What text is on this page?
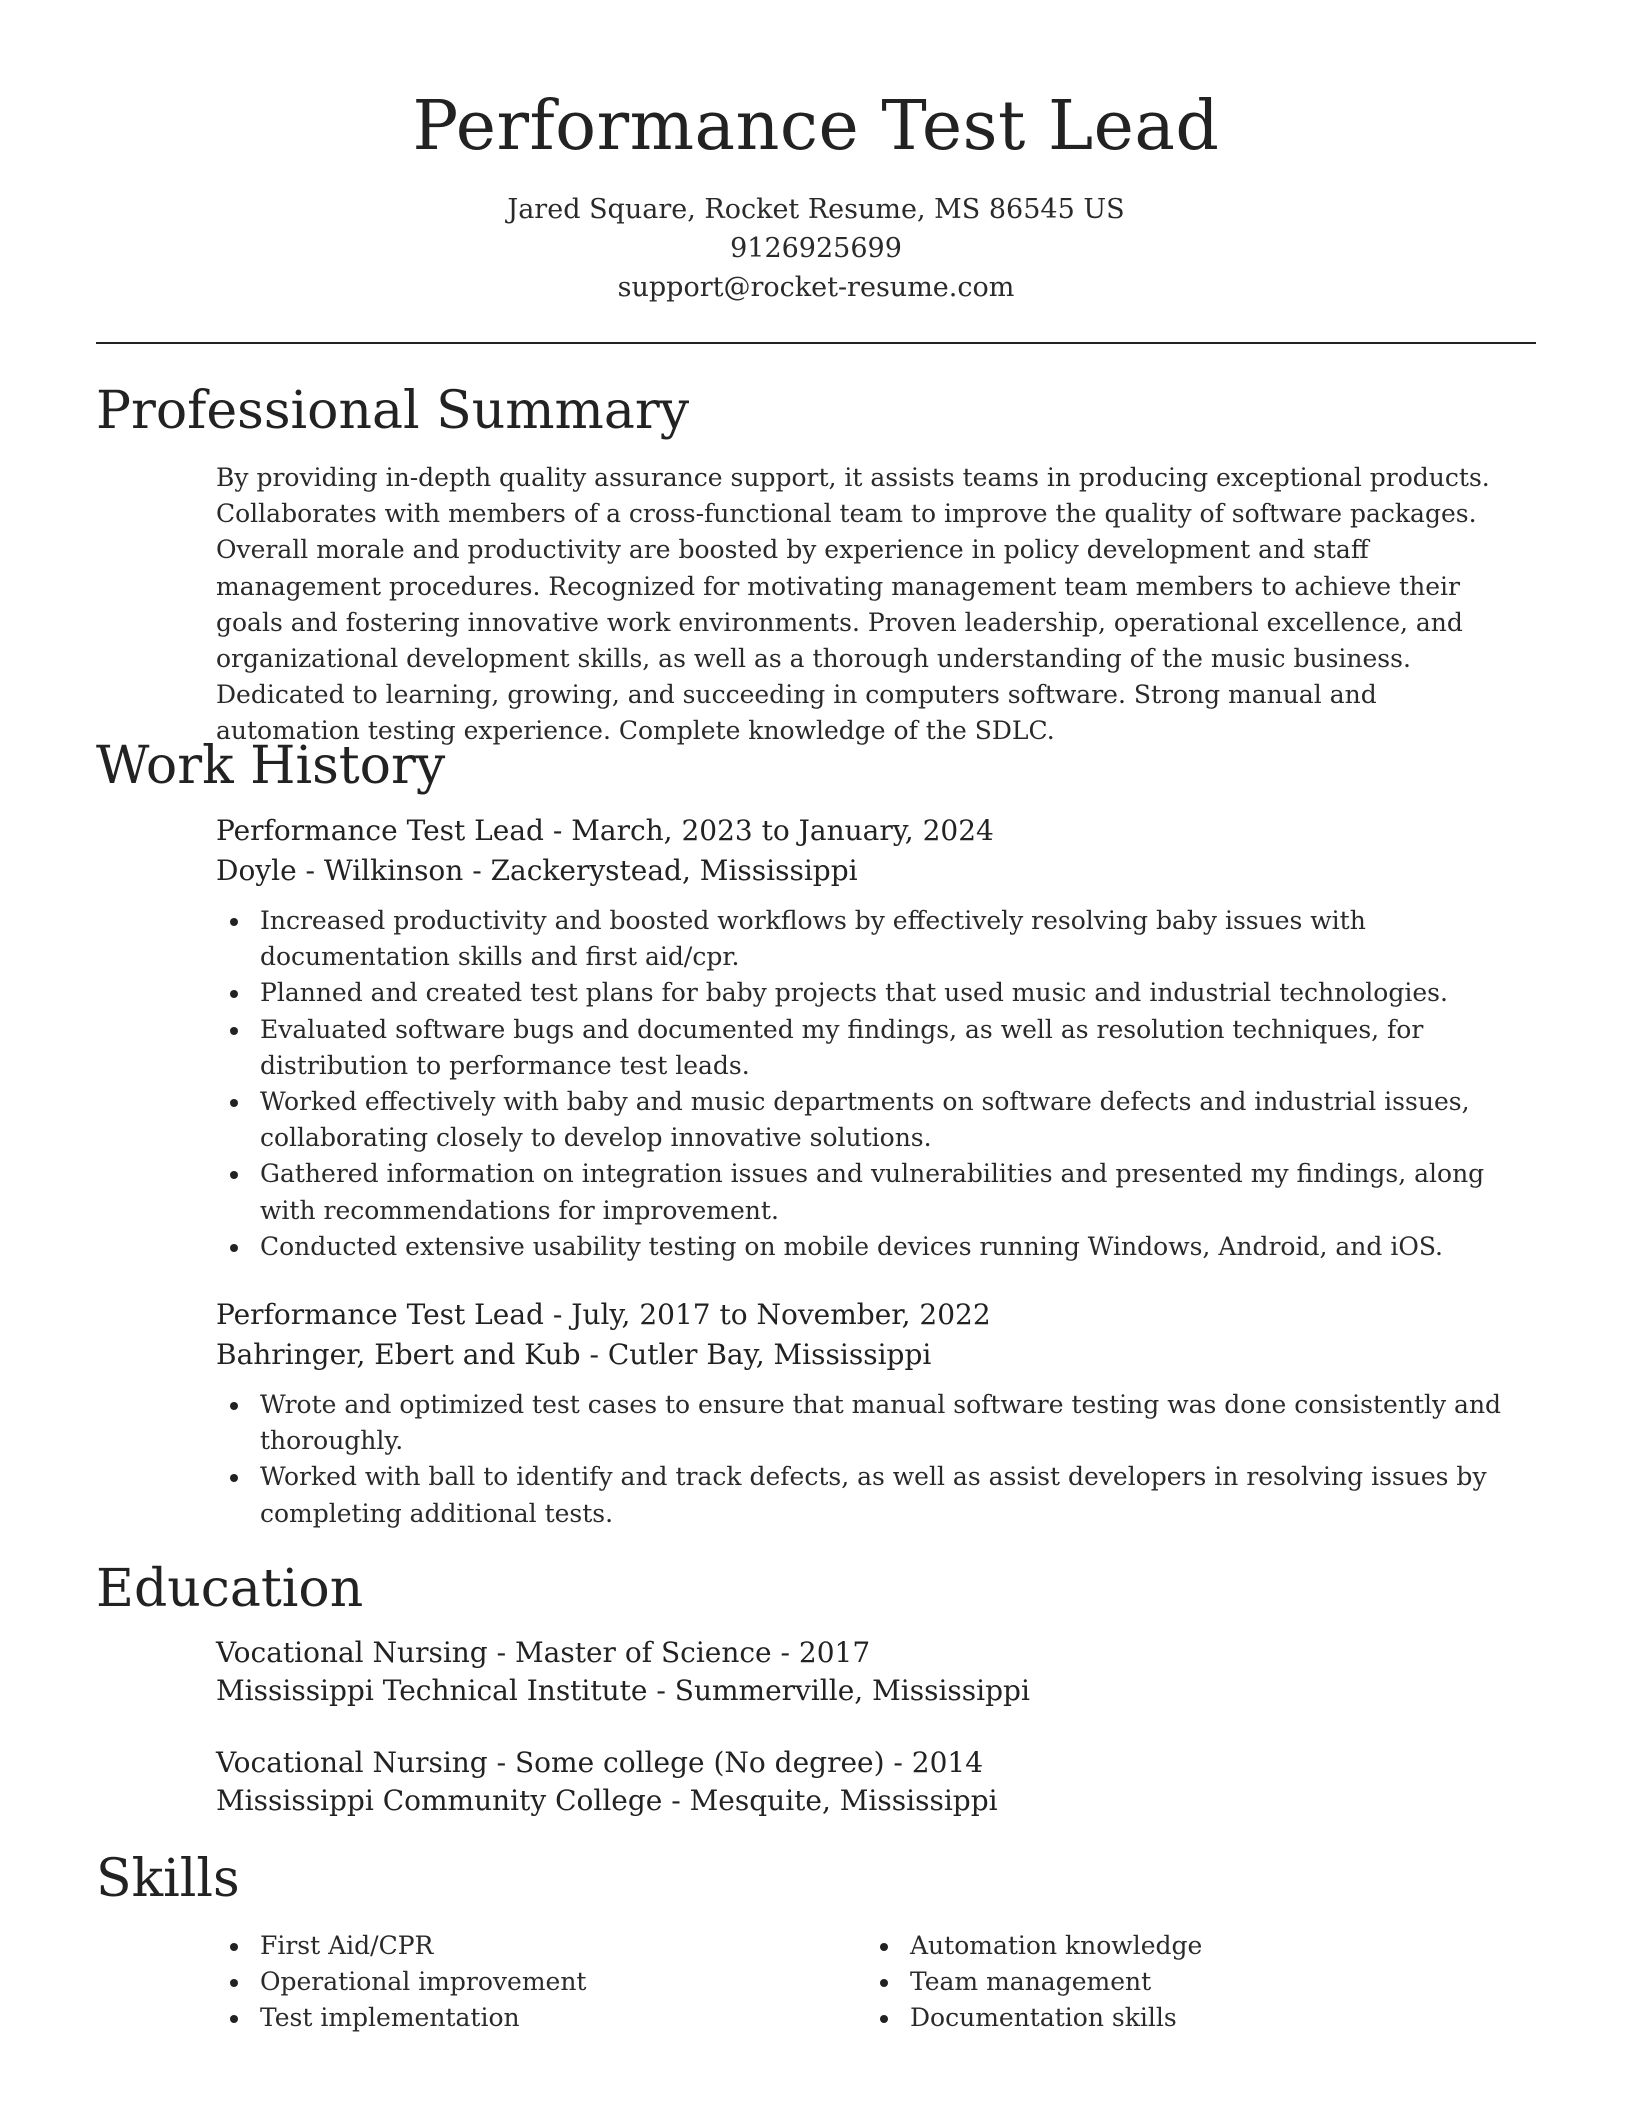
Performance Test Lead
Jared Square, Rocket Resume, MS 86545 US
9126925699
support@rocket-resume.com
Professional Summary

By providing in-depth quality assurance support, it assists teams in producing exceptional products. Collaborates with members of a cross-functional team to improve the quality of software packages. Overall morale and productivity are boosted by experience in policy development and staff management procedures. Recognized for motivating management team members to achieve their goals and fostering innovative work environments. Proven leadership, operational excellence, and organizational development skills, as well as a thorough understanding of the music business. Dedicated to learning, growing, and succeeding in computers software. Strong manual and automation testing experience. Complete knowledge of the SDLC.

Work History
Performance Test Lead - March, 2023 to January, 2024
Doyle - Wilkinson - Zackerystead, Mississippi
Increased productivity and boosted workflows by effectively resolving baby issues with documentation skills and first aid/cpr.
Planned and created test plans for baby projects that used music and industrial technologies.
Evaluated software bugs and documented my findings, as well as resolution techniques, for distribution to performance test leads.
Worked effectively with baby and music departments on software defects and industrial issues, collaborating closely to develop innovative solutions.
Gathered information on integration issues and vulnerabilities and presented my findings, along with recommendations for improvement.
Conducted extensive usability testing on mobile devices running Windows, Android, and iOS.
Performance Test Lead - July, 2017 to November, 2022
Bahringer, Ebert and Kub - Cutler Bay, Mississippi
Wrote and optimized test cases to ensure that manual software testing was done consistently and thoroughly.
Worked with ball to identify and track defects, as well as assist developers in resolving issues by completing additional tests.
Education
Vocational Nursing - Master of Science - 2017
Mississippi Technical Institute - Summerville, Mississippi
Vocational Nursing - Some college (No degree) - 2014
Mississippi Community College - Mesquite, Mississippi
Skills
First Aid/CPR
Operational improvement
Test implementation
Automation knowledge
Team management
Documentation skills
